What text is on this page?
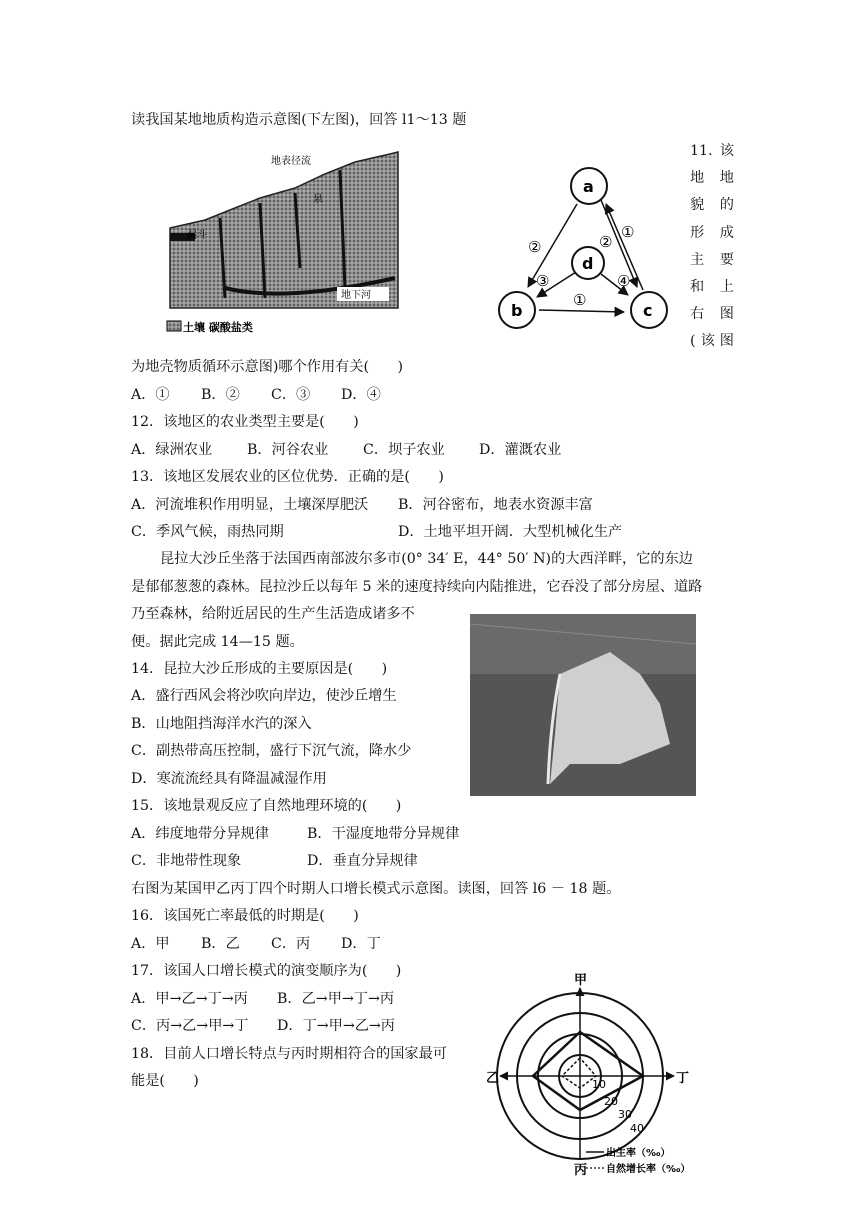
读我国某地地质构造示意图(下左图)，回答 l1～13 题
地表径流
泉
漏斗
地下河
土壤 碳酸盐类
a
b	c
d
②	②
①
③	④
①
11.该
地 地
貌 的
形 成
主 要
和 上
右 图
(该图
为地壳物质循环示意图)哪个作用有关(　　)
A．① B．② C．③ D．④
12．该地区的农业类型主要是(　　)
A．绿洲农业 B．河谷农业 C．坝子农业 D．灌溉农业
13．该地区发展农业的区位优势．正确的是(　　)
A．河流堆积作用明显，土壤深厚肥沃 B．河谷密布，地表水资源丰富
C．季风气候，雨热同期	D．土地平坦开阔．大型机械化生产
昆拉大沙丘坐落于法国西南部波尔多市(0° 34′ E，44° 50′ N)的大西洋畔，它的东边
是郁郁葱葱的森林。昆拉沙丘以每年 5 米的速度持续向内陆推进，它吞没了部分房屋、道路
乃至森林，给附近居民的生产生活造成诸多不
便。据此完成 14—15 题。
14．昆拉大沙丘形成的主要原因是(　　)
A．盛行西风会将沙吹向岸边，使沙丘增生
B．山地阻挡海洋水汽的深入
C．副热带高压控制，盛行下沉气流，降水少
D．寒流流经具有降温减湿作用
15．该地景观反应了自然地理环境的(　　)
A．纬度地带分异规律	B．干湿度地带分异规律
C．非地带性现象	D．垂直分异规律
右图为某国甲乙丙丁四个时期人口增长模式示意图。读图，回答 l6 － 18 题。
16．该国死亡率最低的时期是(　　)
A．甲 B．乙 C．丙 D．丁
17．该国人口增长模式的演变顺序为(　　)
A．甲→乙→丁→丙 B．乙→甲→丁→丙
C．丙→乙→甲→丁 D．丁→甲→乙→丙
18．目前人口增长特点与丙时期相符合的国家最可
能是(　　)
甲
乙	丁
丙
10
20
30
40
出生率（‰）
自然增长率（‰）
